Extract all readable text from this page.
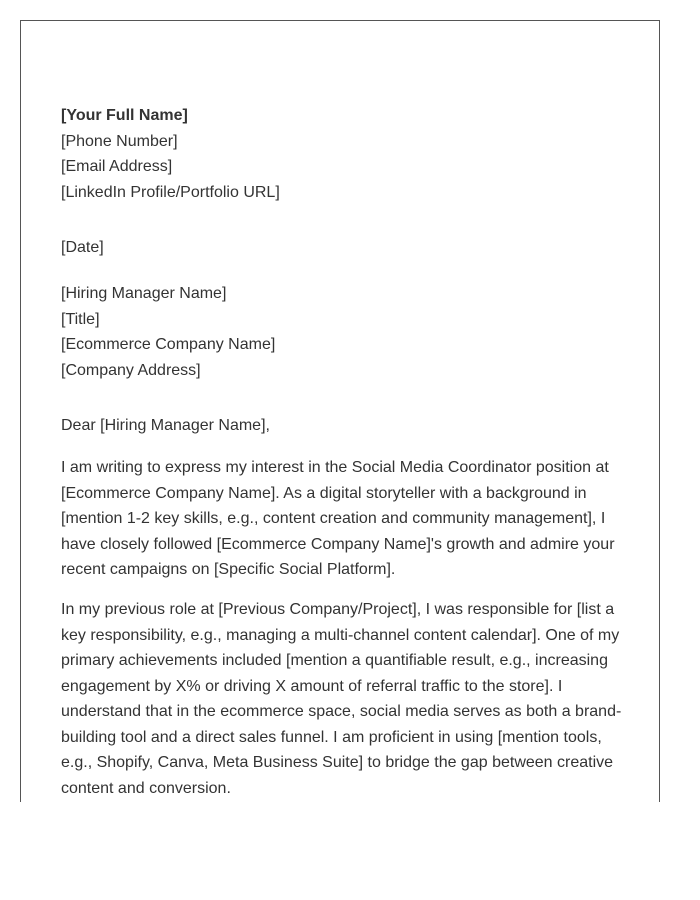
[Your Full Name]
[Phone Number]
[Email Address]
[LinkedIn Profile/Portfolio URL]
[Date]
[Hiring Manager Name]
[Title]
[Ecommerce Company Name]
[Company Address]

Dear [Hiring Manager Name],

I am writing to express my interest in the Social Media Coordinator position at [Ecommerce Company Name]. As a digital storyteller with a background in [mention 1-2 key skills, e.g., content creation and community management], I have closely followed [Ecommerce Company Name]'s growth and admire your recent campaigns on [Specific Social Platform].

In my previous role at [Previous Company/Project], I was responsible for [list a key responsibility, e.g., managing a multi-channel content calendar]. One of my primary achievements included [mention a quantifiable result, e.g., increasing engagement by X% or driving X amount of referral traffic to the store]. I understand that in the ecommerce space, social media serves as both a brand-building tool and a direct sales funnel. I am proficient in using [mention tools, e.g., Shopify, Canva, Meta Business Suite] to bridge the gap between creative content and conversion.
